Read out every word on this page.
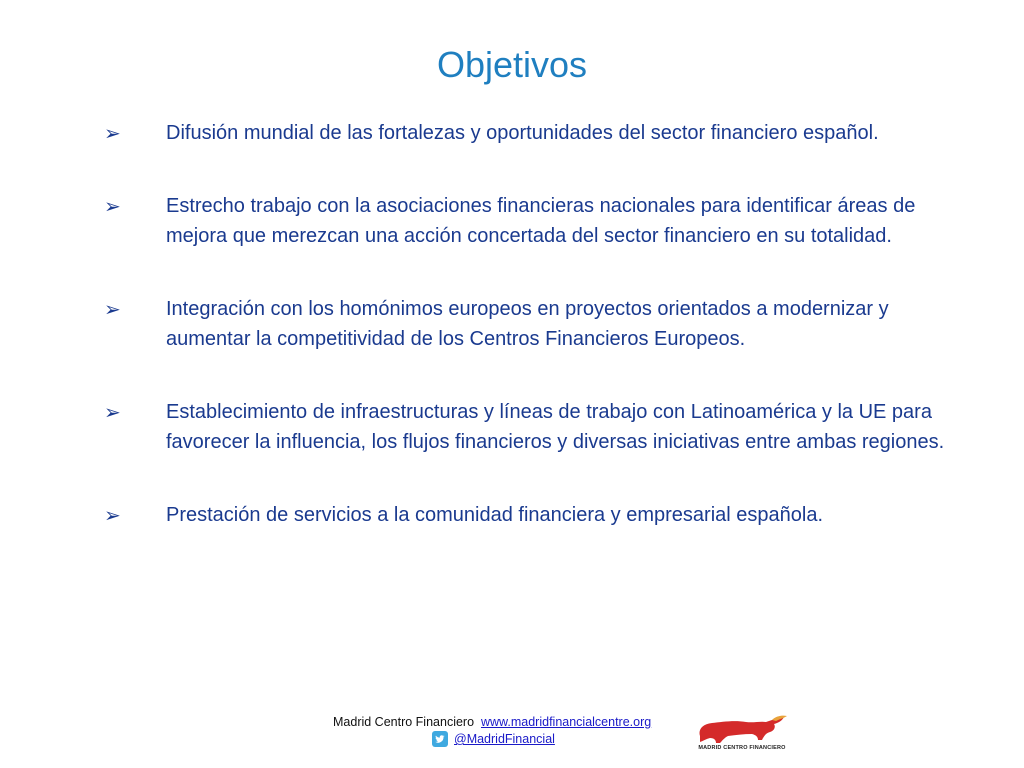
Objetivos
➢	Difusión mundial de las fortalezas y oportunidades del sector financiero español.
➢	Estrecho trabajo con la asociaciones financieras nacionales para identificar áreas de mejora que merezcan una acción concertada del sector financiero en su totalidad.
➢	Integración con los homónimos europeos en proyectos orientados a modernizar y aumentar la competitividad de los Centros Financieros Europeos.
➢	Establecimiento de infraestructuras y líneas de trabajo con Latinoamérica y la UE para favorecer la influencia, los flujos financieros y diversas iniciativas entre ambas regiones.
➢	Prestación de servicios a la comunidad financiera y empresarial española.
Madrid Centro Financiero www.madridfinancialcentre.org
@MadridFinancial
MADRID CENTRO FINANCIERO
